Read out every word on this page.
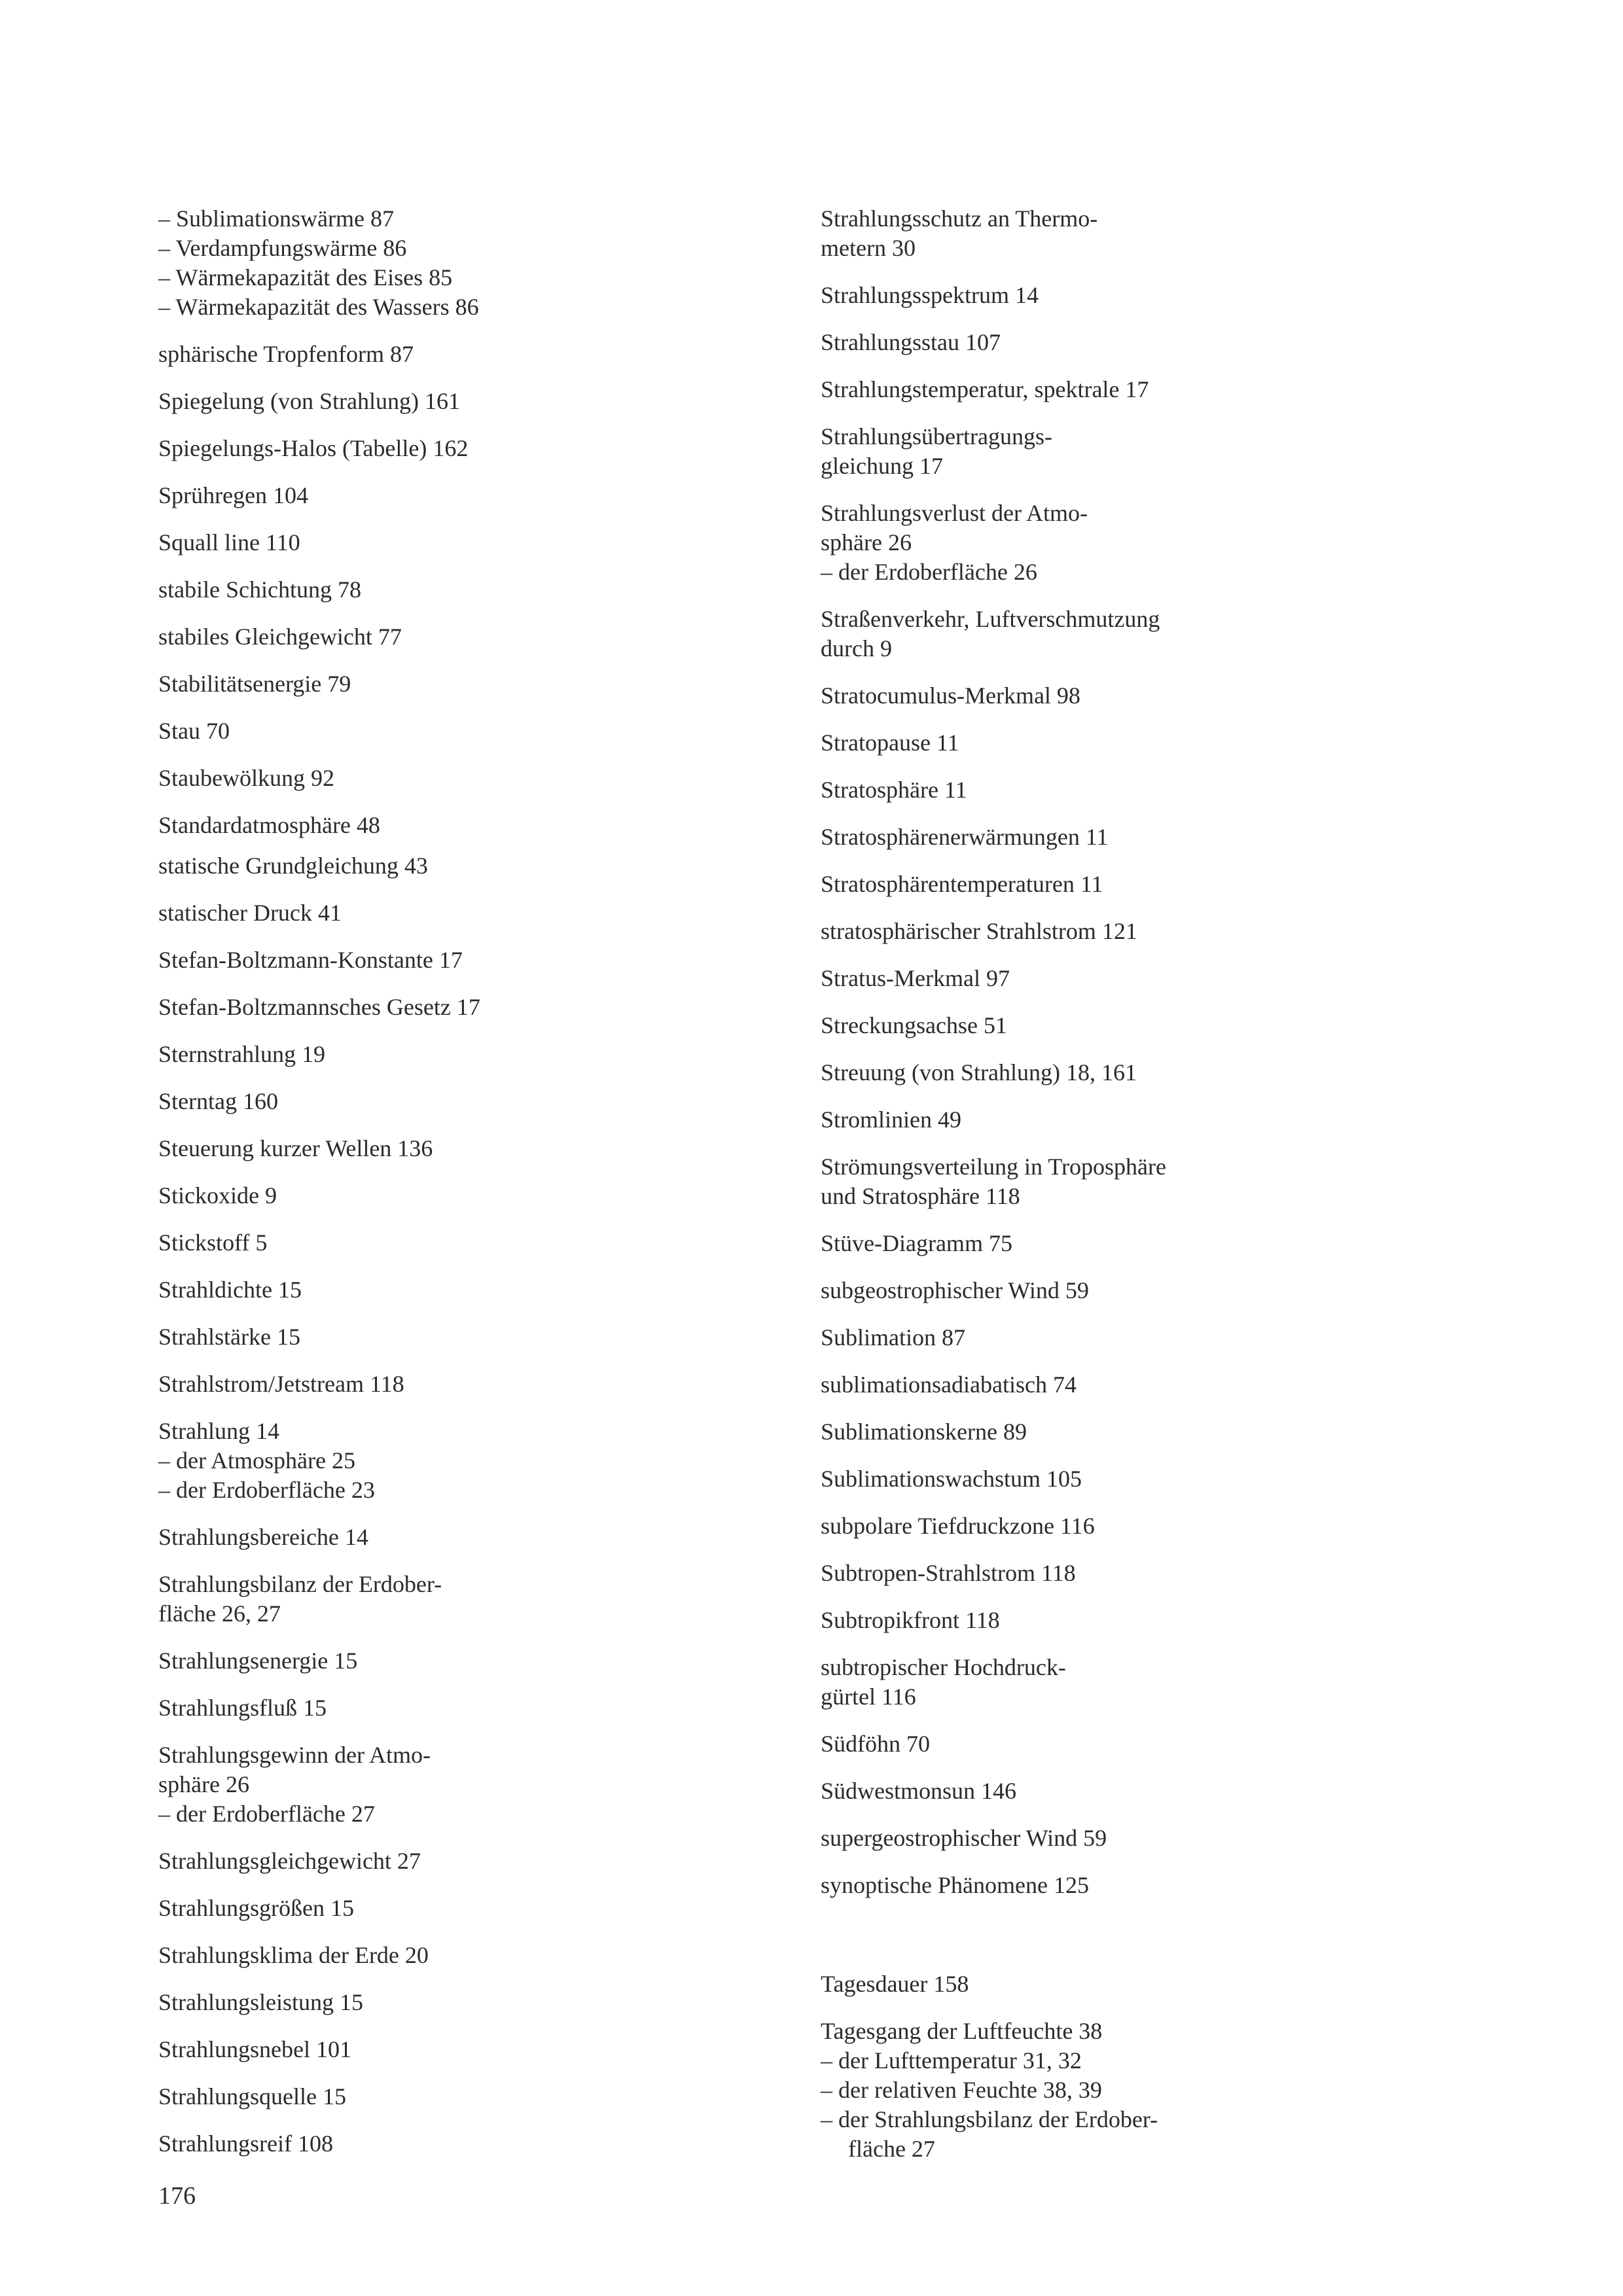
– Sublimationswärme 87
– Verdampfungswärme 86
– Wärmekapazität des Eises 85
– Wärmekapazität des Wassers 86
sphärische Tropfenform 87
Spiegelung (von Strahlung) 161
Spiegelungs-Halos (Tabelle) 162
Sprühregen 104
Squall line 110
stabile Schichtung 78
stabiles Gleichgewicht 77
Stabilitätsenergie 79
Stau 70
Staubewölkung 92
Standardatmosphäre 48
statische Grundgleichung 43
statischer Druck 41
Stefan-Boltzmann-Konstante 17
Stefan-Boltzmannsches Gesetz 17
Sternstrahlung 19
Sterntag 160
Steuerung kurzer Wellen 136
Stickoxide 9
Stickstoff 5
Strahldichte 15
Strahlstärke 15
Strahlstrom/Jetstream 118
Strahlung 14
– der Atmosphäre 25
– der Erdoberfläche 23
Strahlungsbereiche 14
Strahlungsbilanz der Erdober-
fläche 26, 27
Strahlungsenergie 15
Strahlungsfluß 15
Strahlungsgewinn der Atmo-
sphäre 26
– der Erdoberfläche 27
Strahlungsgleichgewicht 27
Strahlungsgrößen 15
Strahlungsklima der Erde 20
Strahlungsleistung 15
Strahlungsnebel 101
Strahlungsquelle 15
Strahlungsreif 108
Strahlungsschutz an Thermo-
metern 30
Strahlungsspektrum 14
Strahlungsstau 107
Strahlungstemperatur, spektrale 17
Strahlungsübertragungs-
gleichung 17
Strahlungsverlust der Atmo-
sphäre 26
– der Erdoberfläche 26
Straßenverkehr, Luftverschmutzung
durch 9
Stratocumulus-Merkmal 98
Stratopause 11
Stratosphäre 11
Stratosphärenerwärmungen 11
Stratosphärentemperaturen 11
stratosphärischer Strahlstrom 121
Stratus-Merkmal 97
Streckungsachse 51
Streuung (von Strahlung) 18, 161
Stromlinien 49
Strömungsverteilung in Troposphäre
und Stratosphäre 118
Stüve-Diagramm 75
subgeostrophischer Wind 59
Sublimation 87
sublimationsadiabatisch 74
Sublimationskerne 89
Sublimationswachstum 105
subpolare Tiefdruckzone 116
Subtropen-Strahlstrom 118
Subtropikfront 118
subtropischer Hochdruck-
gürtel 116
Südföhn 70
Südwestmonsun 146
supergeostrophischer Wind 59
synoptische Phänomene 125
Tagesdauer 158
Tagesgang der Luftfeuchte 38
– der Lufttemperatur 31, 32
– der relativen Feuchte 38, 39
– der Strahlungsbilanz der Erdober-
fläche 27
176
